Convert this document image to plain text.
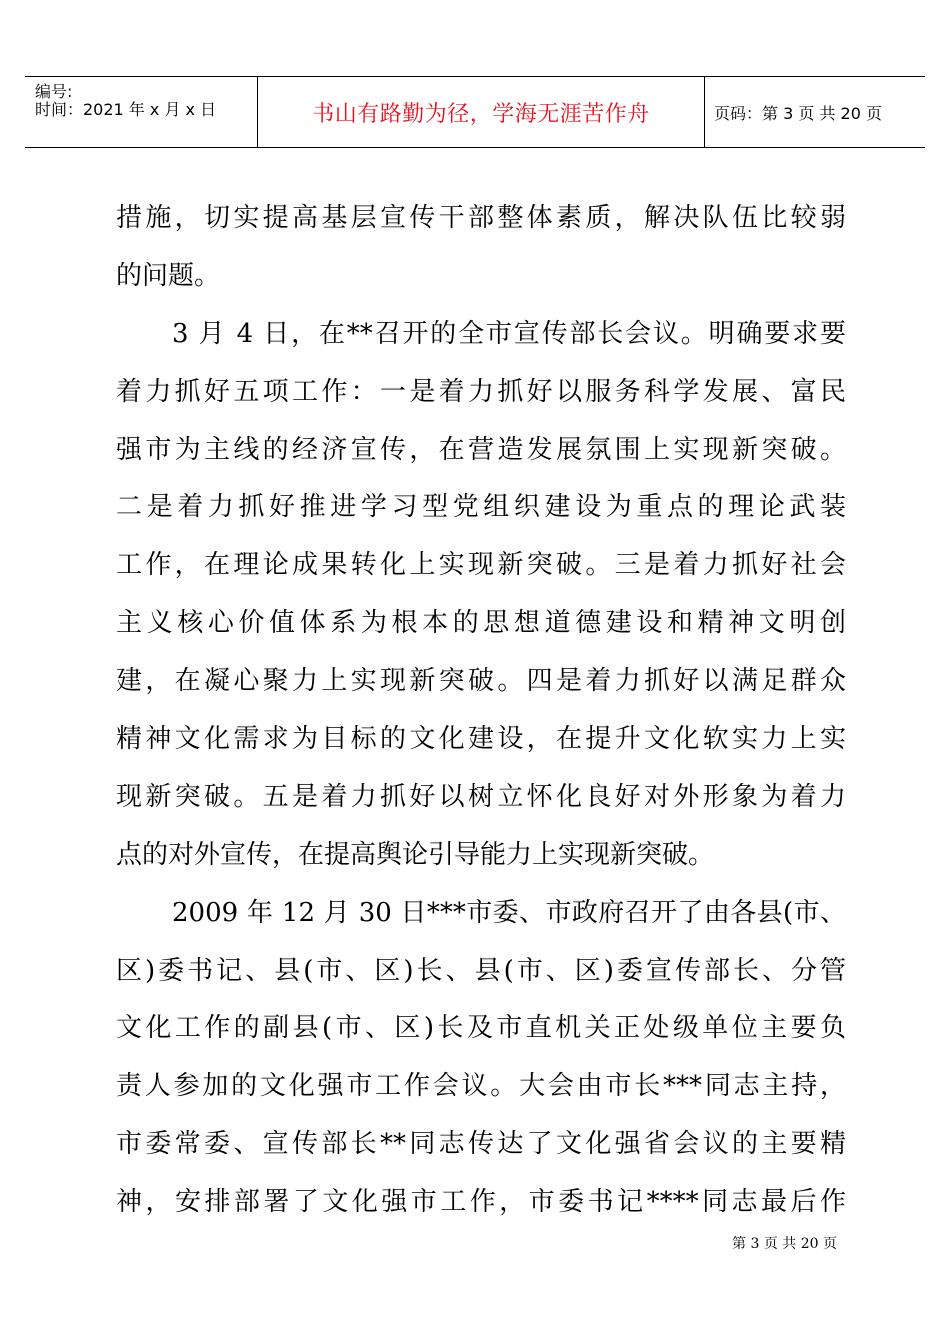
编号:
时间：2021 年 x 月 x 日	书山有路勤为径，学海无涯苦作舟	页码：第 3 页 共 20 页
措施，切实提高基层宣传干部整体素质，解决队伍比较弱
的问题。
3 月 4 日，在**召开的全市宣传部长会议。明确要求要
着力抓好五项工作：一是着力抓好以服务科学发展、富民
强市为主线的经济宣传，在营造发展氛围上实现新突破。
二是着力抓好推进学习型党组织建设为重点的理论武装
工作，在理论成果转化上实现新突破。三是着力抓好社会
主义核心价值体系为根本的思想道德建设和精神文明创
建，在凝心聚力上实现新突破。四是着力抓好以满足群众
精神文化需求为目标的文化建设，在提升文化软实力上实
现新突破。五是着力抓好以树立怀化良好对外形象为着力
点的对外宣传，在提高舆论引导能力上实现新突破。
2009 年 12 月 30 日***市委、市政府召开了由各县(市、
区)委书记、县(市、区)长、县(市、区)委宣传部长、分管
文化工作的副县(市、区)长及市直机关正处级单位主要负
责人参加的文化强市工作会议。大会由市长***同志主持，
市委常委、宣传部长**同志传达了文化强省会议的主要精
神，安排部署了文化强市工作，市委书记****同志最后作
第 3 页 共 20 页
